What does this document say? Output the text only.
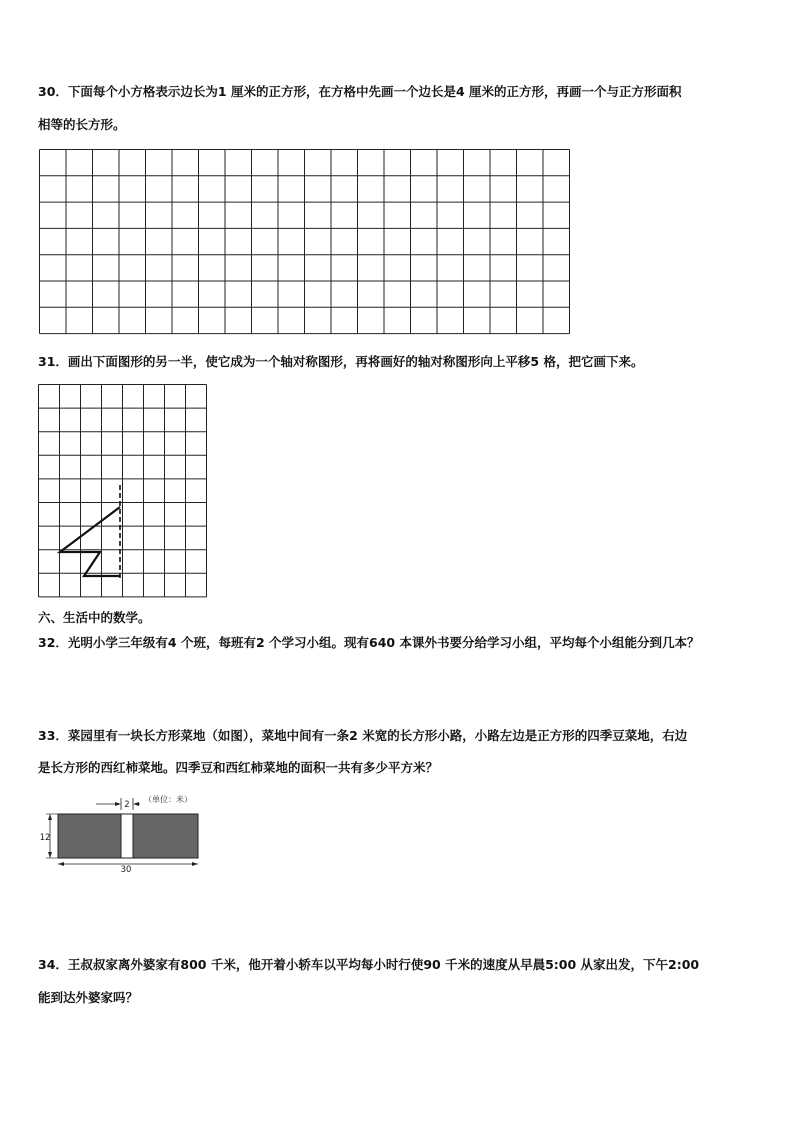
30．下面每个小方格表示边长为1 厘米的正方形，在方格中先画一个边长是4 厘米的正方形，再画一个与正方形面积
相等的长方形。
31．画出下面图形的另一半，使它成为一个轴对称图形，再将画好的轴对称图形向上平移5 格，把它画下来。
六、生活中的数学。
32．光明小学三年级有4 个班，每班有2 个学习小组。现有640 本课外书要分给学习小组，平均每个小组能分到几本？
33．菜园里有一块长方形菜地（如图），菜地中间有一条2 米宽的长方形小路，小路左边是正方形的四季豆菜地，右边
是长方形的西红柿菜地。四季豆和西红柿菜地的面积一共有多少平方米？
2
（单位：米）
12
30
34．王叔叔家离外婆家有800 千米，他开着小轿车以平均每小时行使90 千米的速度从早晨5:00 从家出发，下午2:00
能到达外婆家吗？
